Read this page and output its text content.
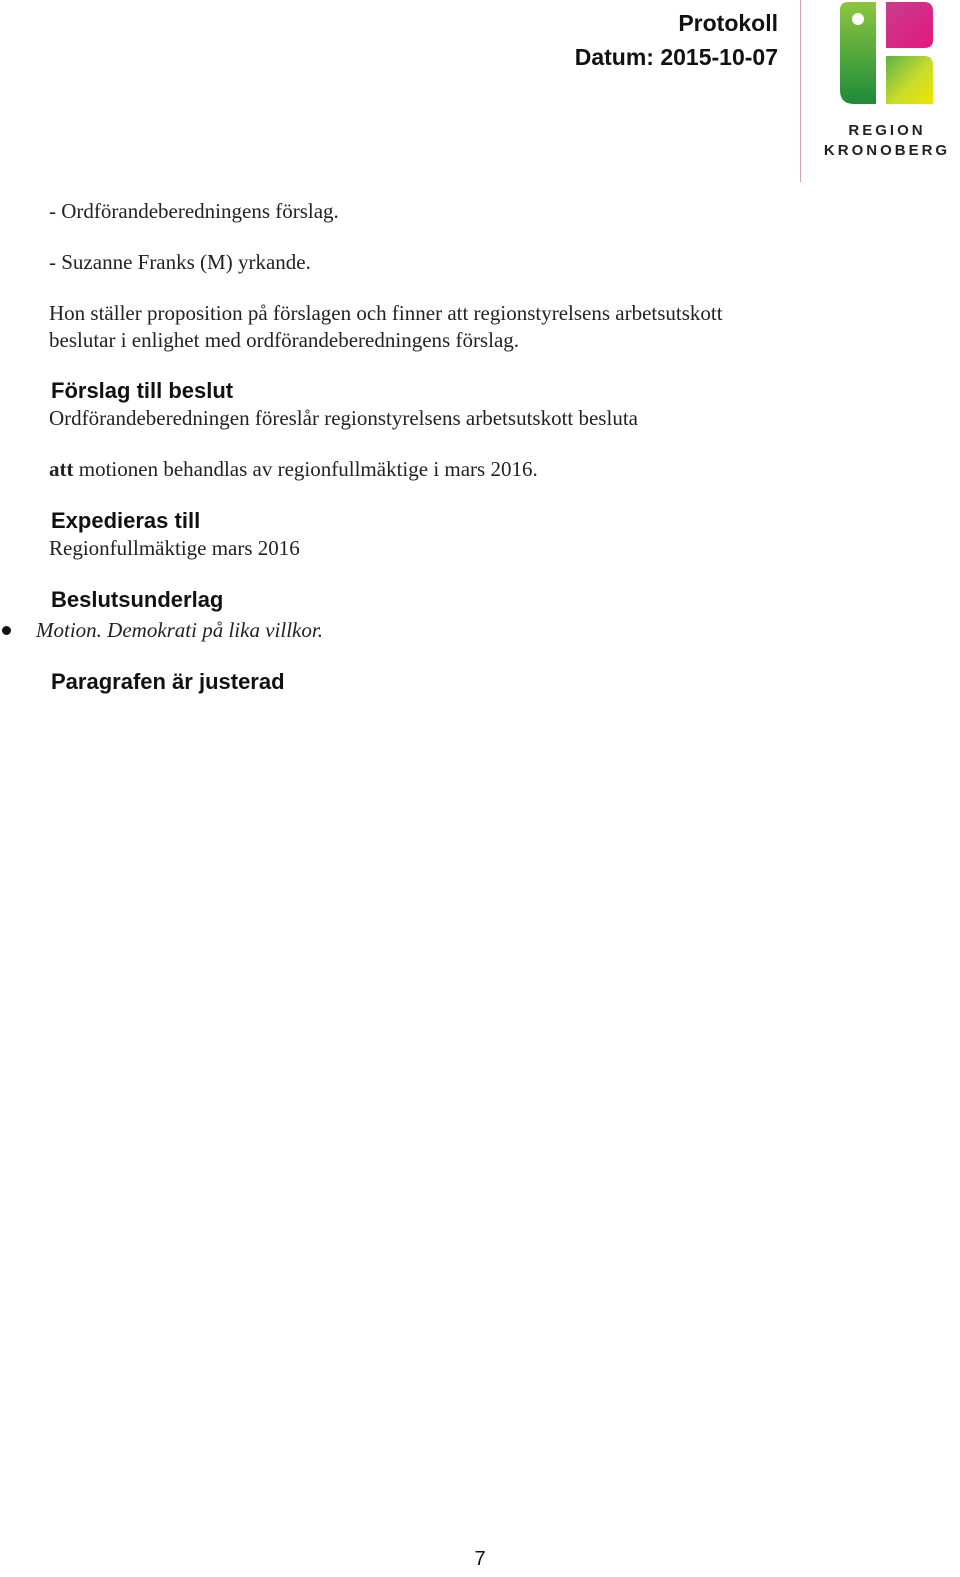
Protokoll
Datum: 2015-10-07
REGION
KRONOBERG
- Ordförandeberedningens förslag.
- Suzanne Franks (M) yrkande.
Hon ställer proposition på förslagen och finner att regionstyrelsens arbetsutskott
beslutar i enlighet med ordförandeberedningens förslag.
Förslag till beslut
Ordförandeberedningen föreslår regionstyrelsens arbetsutskott besluta
att motionen behandlas av regionfullmäktige i mars 2016.
Expedieras till
Regionfullmäktige mars 2016
Beslutsunderlag
Motion. Demokrati på lika villkor.
Paragrafen är justerad
7
